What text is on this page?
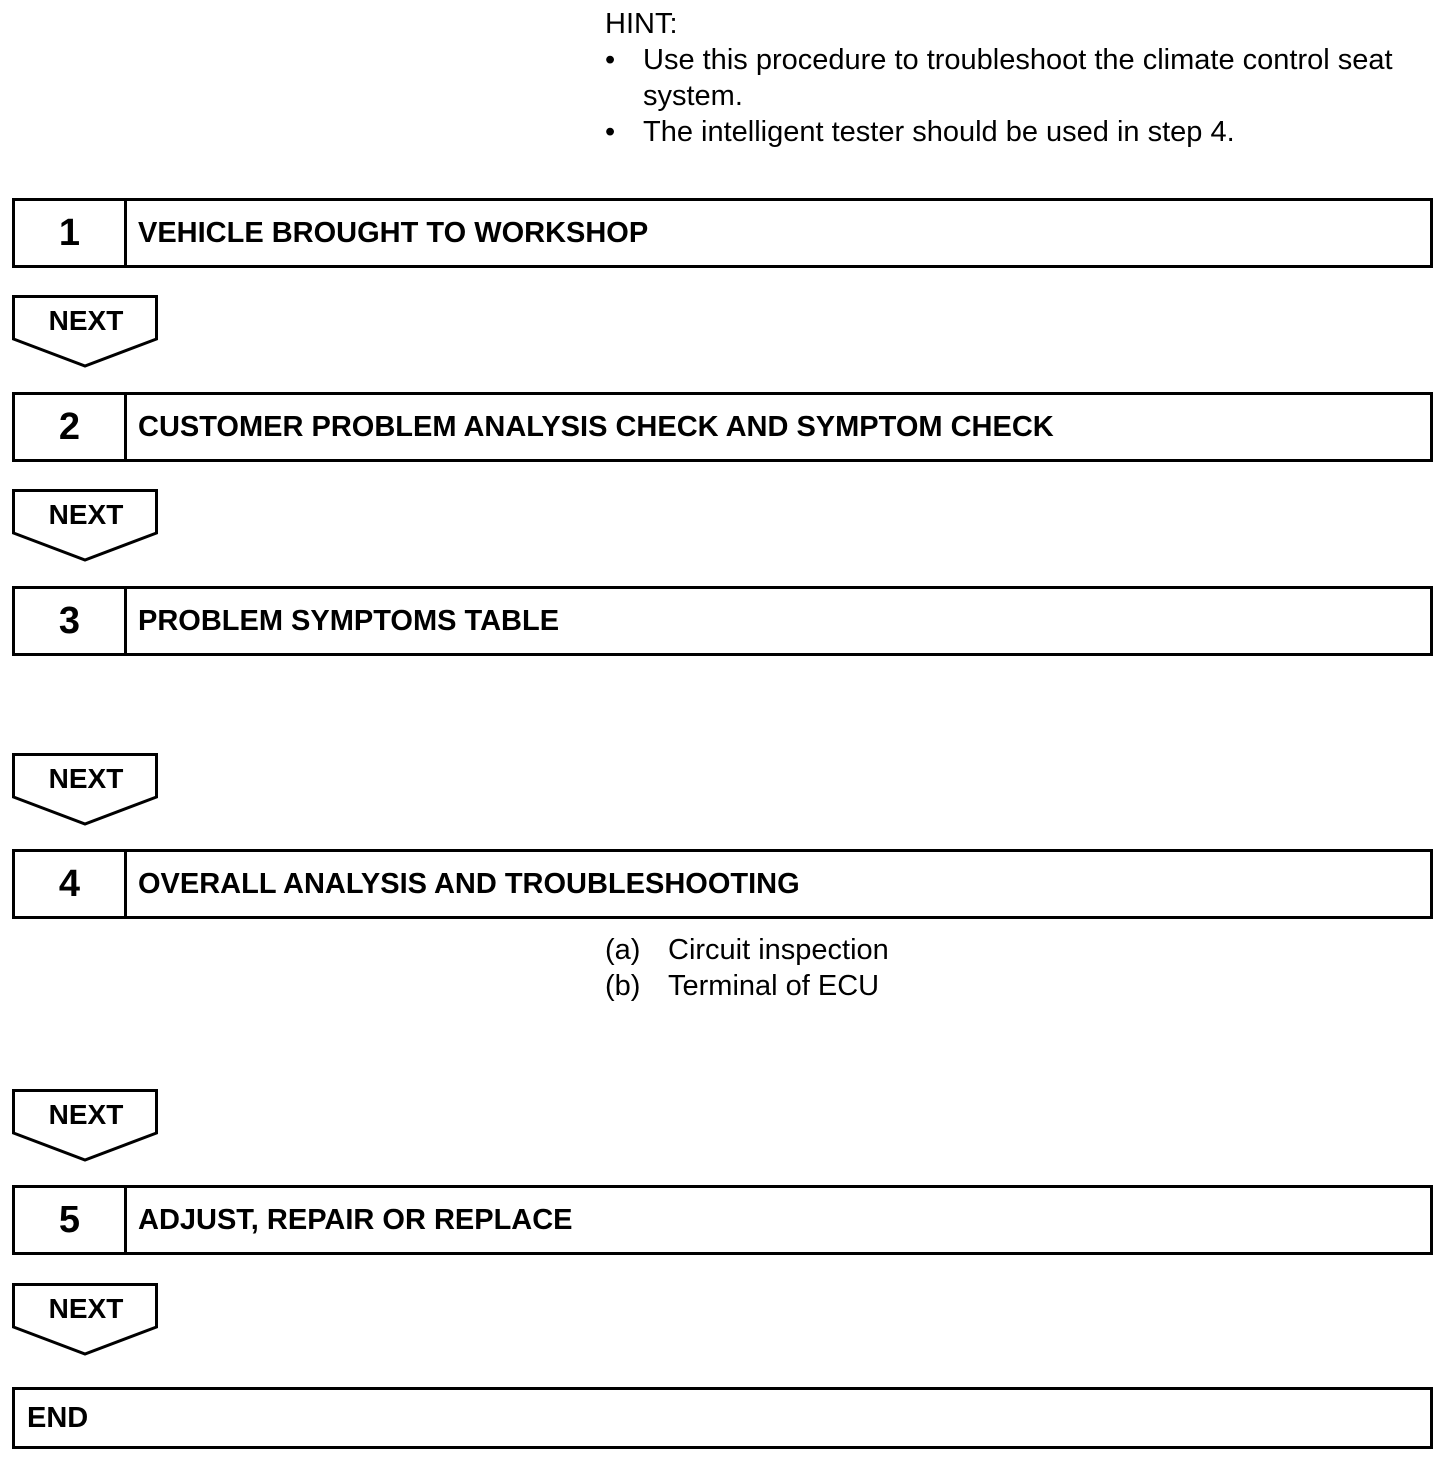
HINT:
• Use this procedure to troubleshoot the climate control seat system.
• The intelligent tester should be used in step 4.
1	VEHICLE BROUGHT TO WORKSHOP
NEXT
2	CUSTOMER PROBLEM ANALYSIS CHECK AND SYMPTOM CHECK
NEXT
3	PROBLEM SYMPTOMS TABLE
NEXT
4	OVERALL ANALYSIS AND TROUBLESHOOTING
(a) Circuit inspection
(b) Terminal of ECU
NEXT
5	ADJUST, REPAIR OR REPLACE
NEXT
END
